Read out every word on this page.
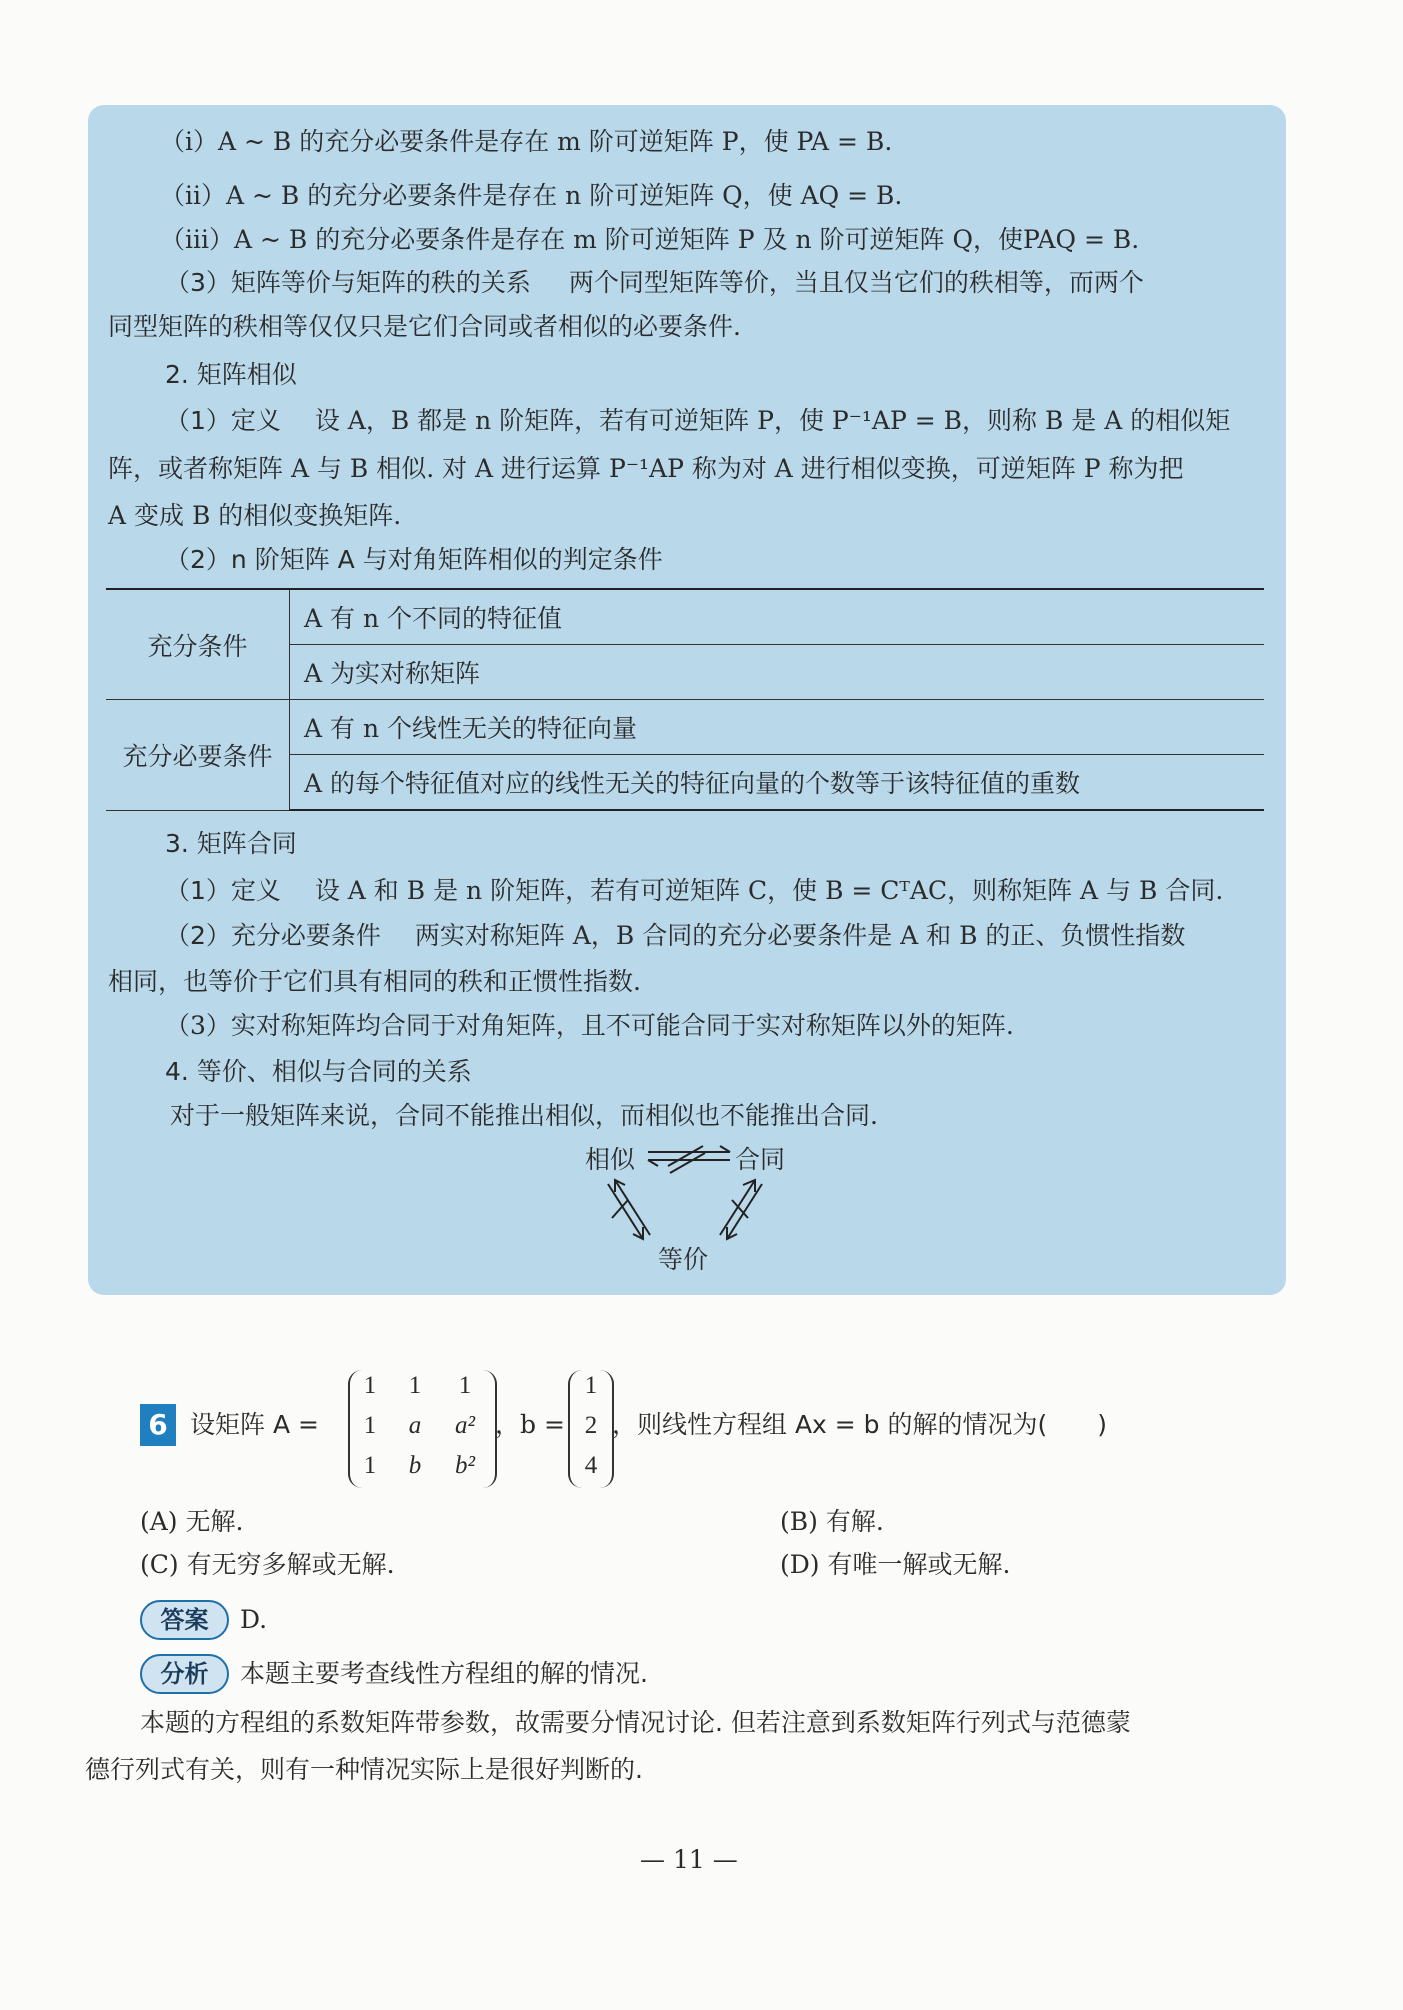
（ⅰ）A ~ B 的充分必要条件是存在 m 阶可逆矩阵 P，使 PA = B.
（ⅱ）A ~ B 的充分必要条件是存在 n 阶可逆矩阵 Q，使 AQ = B.
（ⅲ）A ~ B 的充分必要条件是存在 m 阶可逆矩阵 P 及 n 阶可逆矩阵 Q，使PAQ = B.
（3）矩阵等价与矩阵的秩的关系 两个同型矩阵等价，当且仅当它们的秩相等，而两个
同型矩阵的秩相等仅仅只是它们合同或者相似的必要条件.
2. 矩阵相似
（1）定义 设 A，B 都是 n 阶矩阵，若有可逆矩阵 P，使 P⁻¹AP = B，则称 B 是 A 的相似矩
阵，或者称矩阵 A 与 B 相似. 对 A 进行运算 P⁻¹AP 称为对 A 进行相似变换，可逆矩阵 P 称为把
A 变成 B 的相似变换矩阵.
（2）n 阶矩阵 A 与对角矩阵相似的判定条件
充分条件	A 有 n 个不同的特征值
	A 为实对称矩阵
充分必要条件	A 有 n 个线性无关的特征向量
	A 的每个特征值对应的线性无关的特征向量的个数等于该特征值的重数
3. 矩阵合同
（1）定义 设 A 和 B 是 n 阶矩阵，若有可逆矩阵 C，使 B = CᵀAC，则称矩阵 A 与 B 合同.
（2）充分必要条件 两实对称矩阵 A，B 合同的充分必要条件是 A 和 B 的正、负惯性指数
相同，也等价于它们具有相同的秩和正惯性指数.
（3）实对称矩阵均合同于对角矩阵，且不可能合同于实对称矩阵以外的矩阵.
4. 等价、相似与合同的关系
对于一般矩阵来说，合同不能推出相似，而相似也不能推出合同.
相似	合同
等价
6 设矩阵 A =
1	1	1
1	a	a²
1	b	b²
，b =
1
2
4
，则线性方程组 Ax = b 的解的情况为(　　)
(A) 无解.	(B) 有解.
(C) 有无穷多解或无解.	(D) 有唯一解或无解.
答案	D.
分析	本题主要考查线性方程组的解的情况.
本题的方程组的系数矩阵带参数，故需要分情况讨论. 但若注意到系数矩阵行列式与范德蒙
德行列式有关，则有一种情况实际上是很好判断的.
— 11 —
